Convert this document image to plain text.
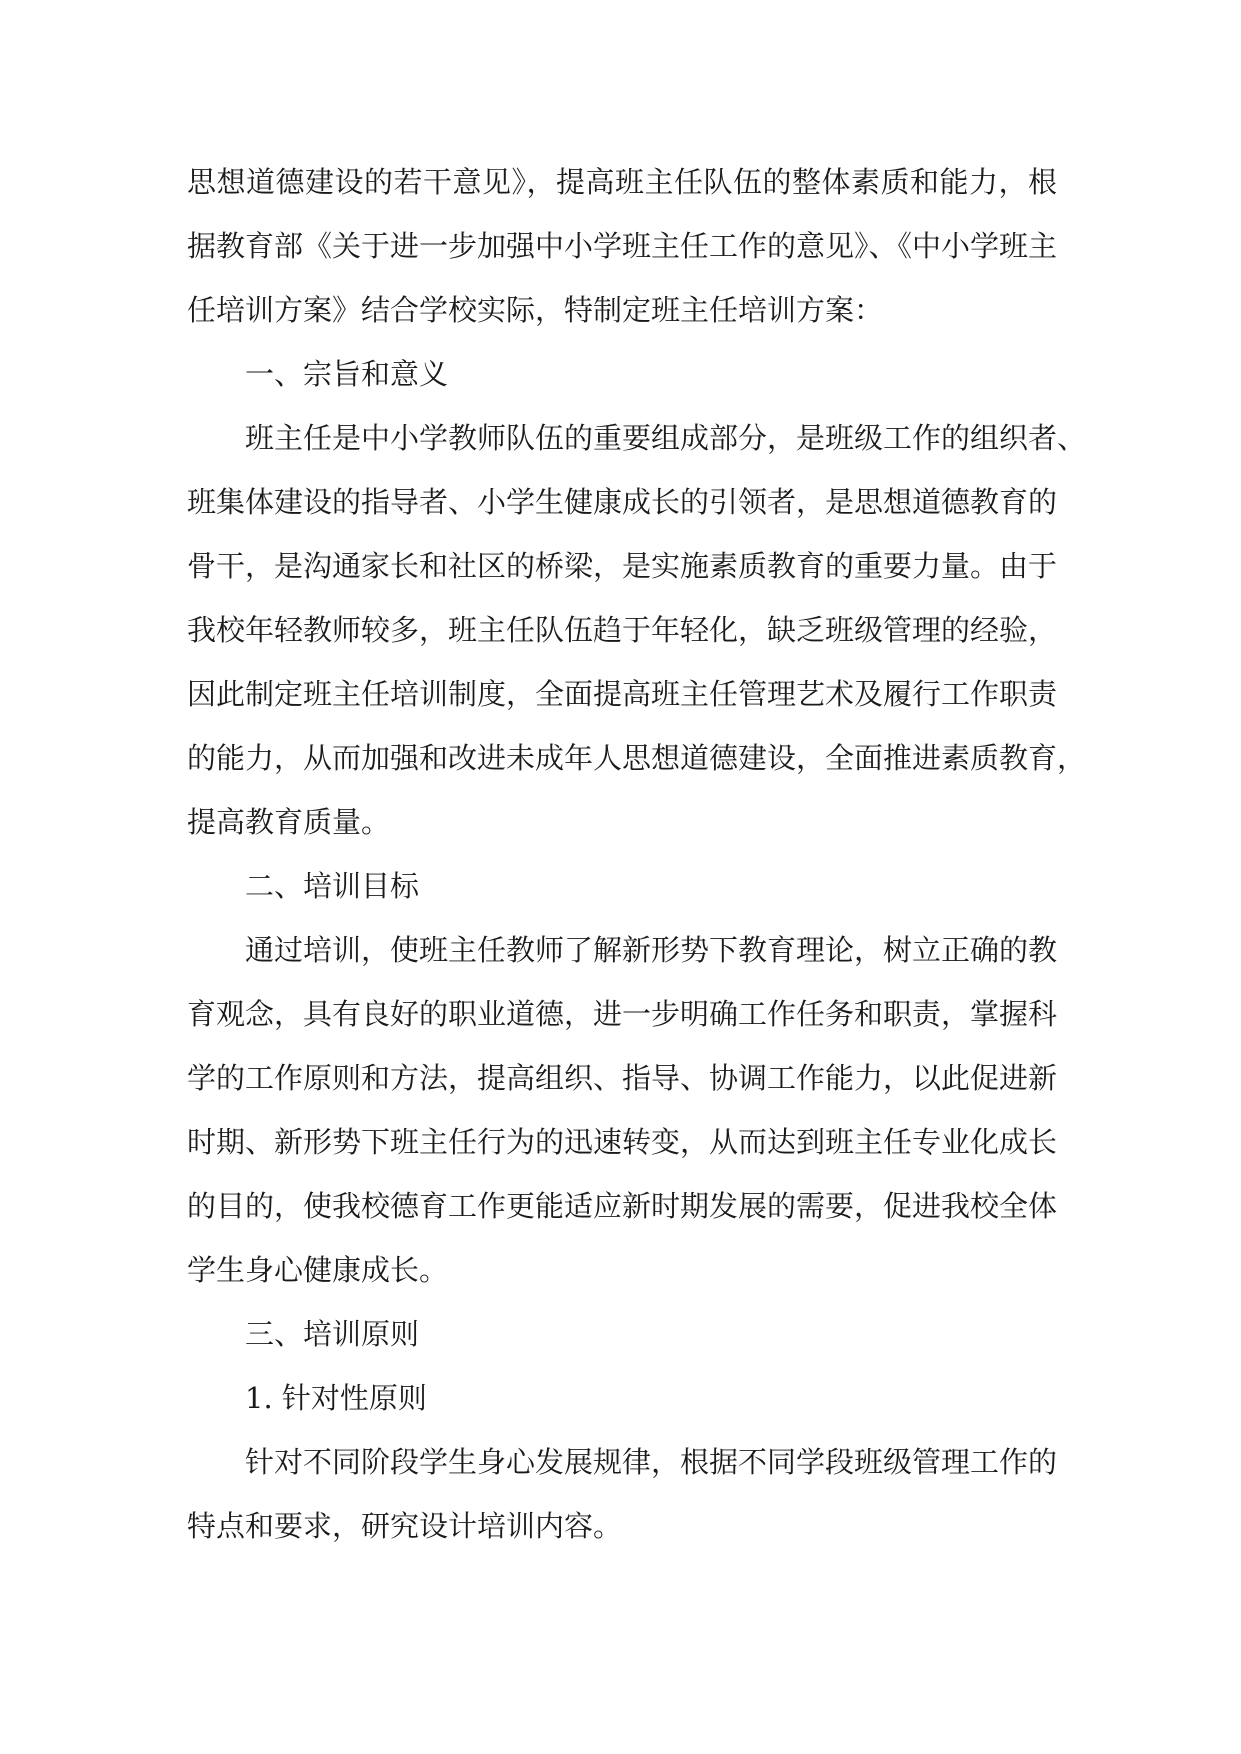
思想道德建设的若干意见》，提高班主任队伍的整体素质和能力，根
据教育部《关于进一步加强中小学班主任工作的意见》、《中小学班主
任培训方案》结合学校实际，特制定班主任培训方案：
一、宗旨和意义
班主任是中小学教师队伍的重要组成部分，是班级工作的组织者、
班集体建设的指导者、小学生健康成长的引领者，是思想道德教育的
骨干，是沟通家长和社区的桥梁，是实施素质教育的重要力量。由于
我校年轻教师较多，班主任队伍趋于年轻化，缺乏班级管理的经验，
因此制定班主任培训制度，全面提高班主任管理艺术及履行工作职责
的能力，从而加强和改进未成年人思想道德建设，全面推进素质教育，
提高教育质量。
二、培训目标
通过培训，使班主任教师了解新形势下教育理论，树立正确的教
育观念，具有良好的职业道德，进一步明确工作任务和职责，掌握科
学的工作原则和方法，提高组织、指导、协调工作能力，以此促进新
时期、新形势下班主任行为的迅速转变，从而达到班主任专业化成长
的目的，使我校德育工作更能适应新时期发展的需要，促进我校全体
学生身心健康成长。
三、培训原则
1. 针对性原则
针对不同阶段学生身心发展规律，根据不同学段班级管理工作的
特点和要求，研究设计培训内容。
